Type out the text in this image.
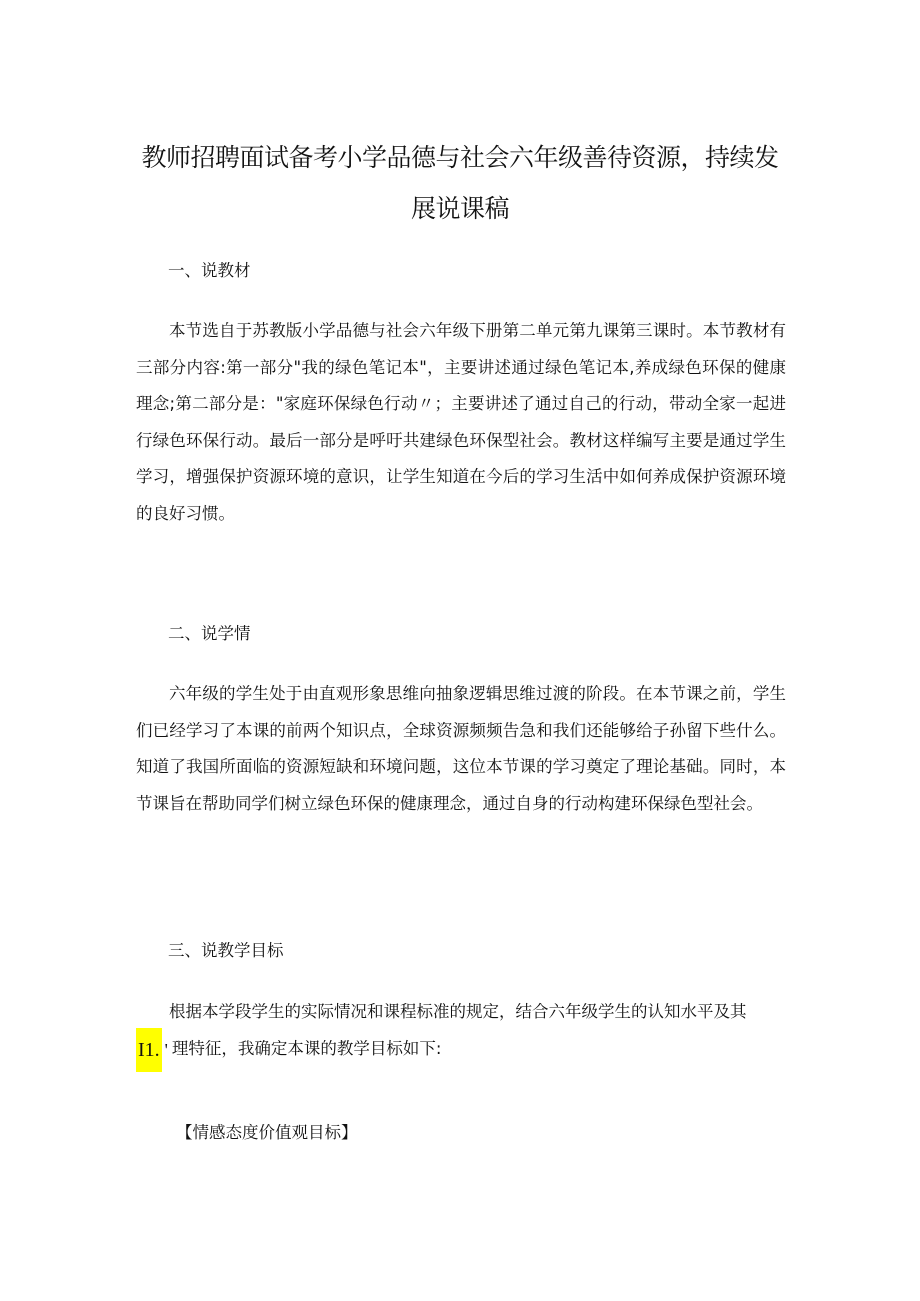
教师招聘面试备考小学品德与社会六年级善待资源，持续发展说课稿
一、说教材
本节选自于苏教版小学品德与社会六年级下册第二单元第九课第三课时。本节教材有三部分内容:第一部分"我的绿色笔记本"，主要讲述通过绿色笔记本,养成绿色环保的健康理念;第二部分是："家庭环保绿色行动〃；主要讲述了通过自己的行动，带动全家一起进行绿色环保行动。最后一部分是呼吁共建绿色环保型社会。教材这样编写主要是通过学生学习，增强保护资源环境的意识，让学生知道在今后的学习生活中如何养成保护资源环境的良好习惯。
二、说学情
六年级的学生处于由直观形象思维向抽象逻辑思维过渡的阶段。在本节课之前，学生们已经学习了本课的前两个知识点，全球资源频频告急和我们还能够给子孙留下些什么。知道了我国所面临的资源短缺和环境问题，这位本节课的学习奠定了理论基础。同时，本节课旨在帮助同学们树立绿色环保的健康理念，通过自身的行动构建环保绿色型社会。
三、说教学目标
根据本学段学生的实际情况和课程标准的规定，结合六年级学生的认知水平及其
I1. ' 理特征，我确定本课的教学目标如下:
【情感态度价值观目标】
